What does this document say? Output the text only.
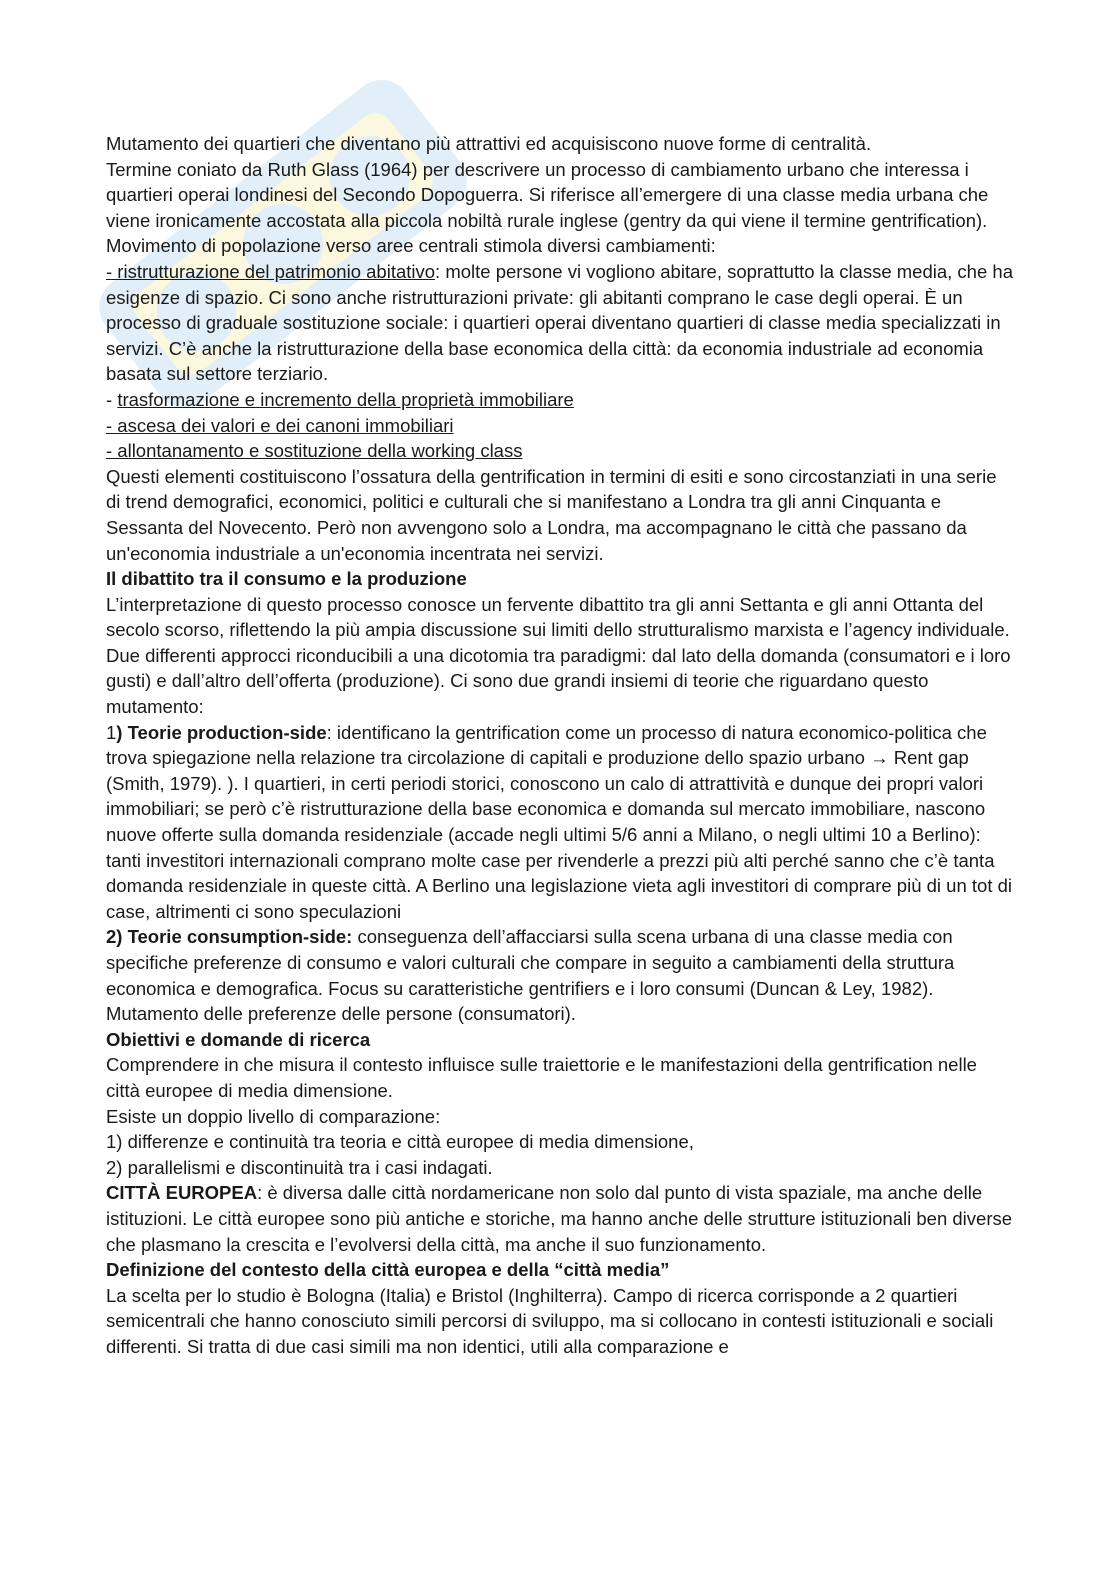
Mutamento dei quartieri che diventano più attrattivi ed acquisiscono nuove forme di centralità.

Termine coniato da Ruth Glass (1964) per descrivere un processo di cambiamento urbano che interessa i quartieri operai londinesi del Secondo Dopoguerra. Si riferisce all’emergere di una classe media urbana che viene ironicamente accostata alla piccola nobiltà rurale inglese (gentry da qui viene il termine gentrification).

Movimento di popolazione verso aree centrali stimola diversi cambiamenti:

- ristrutturazione del patrimonio abitativo: molte persone vi vogliono abitare, soprattutto la classe media, che ha esigenze di spazio. Ci sono anche ristrutturazioni private: gli abitanti comprano le case degli operai. È un processo di graduale sostituzione sociale: i quartieri operai diventano quartieri di classe media specializzati in servizi. C’è anche la ristrutturazione della base economica della città: da economia industriale ad economia basata sul settore terziario.

- trasformazione e incremento della proprietà immobiliare

- ascesa dei valori e dei canoni immobiliari

- allontanamento e sostituzione della working class

Questi elementi costituiscono l’ossatura della gentrification in termini di esiti e sono circostanziati in una serie di trend demografici, economici, politici e culturali che si manifestano a Londra tra gli anni Cinquanta e Sessanta del Novecento. Però non avvengono solo a Londra, ma accompagnano le città che passano da un'economia industriale a un'economia incentrata nei servizi.

Il dibattito tra il consumo e la produzione

L’interpretazione di questo processo conosce un fervente dibattito tra gli anni Settanta e gli anni Ottanta del secolo scorso, riflettendo la più ampia discussione sui limiti dello strutturalismo marxista e l’agency individuale. Due differenti approcci riconducibili a una dicotomia tra paradigmi: dal lato della domanda (consumatori e i loro gusti) e dall’altro dell’offerta (produzione). Ci sono due grandi insiemi di teorie che riguardano questo mutamento:

1) Teorie production-side: identificano la gentrification come un processo di natura economico-politica che trova spiegazione nella relazione tra circolazione di capitali e produzione dello spazio urbano → Rent gap (Smith, 1979). ). I quartieri, in certi periodi storici, conoscono un calo di attrattività e dunque dei propri valori immobiliari; se però c’è ristrutturazione della base economica e domanda sul mercato immobiliare, nascono nuove offerte sulla domanda residenziale (accade negli ultimi 5/6 anni a Milano, o negli ultimi 10 a Berlino): tanti investitori internazionali comprano molte case per rivenderle a prezzi più alti perché sanno che c’è tanta domanda residenziale in queste città. A Berlino una legislazione vieta agli investitori di comprare più di un tot di case, altrimenti ci sono speculazioni

2) Teorie consumption-side: conseguenza dell’affacciarsi sulla scena urbana di una classe media con specifiche preferenze di consumo e valori culturali che compare in seguito a cambiamenti della struttura economica e demografica. Focus su caratteristiche gentrifiers e i loro consumi (Duncan & Ley, 1982). Mutamento delle preferenze delle persone (consumatori).

Obiettivi e domande di ricerca

Comprendere in che misura il contesto influisce sulle traiettorie e le manifestazioni della gentrification nelle città europee di media dimensione.

Esiste un doppio livello di comparazione:

1) differenze e continuità tra teoria e città europee di media dimensione,

2) parallelismi e discontinuità tra i casi indagati.

CITTÀ EUROPEA: è diversa dalle città nordamericane non solo dal punto di vista spaziale, ma anche delle istituzioni. Le città europee sono più antiche e storiche, ma hanno anche delle strutture istituzionali ben diverse che plasmano la crescita e l’evolversi della città, ma anche il suo funzionamento.

Definizione del contesto della città europea e della “città media”

La scelta per lo studio è Bologna (Italia) e Bristol (Inghilterra). Campo di ricerca corrisponde a 2 quartieri semicentrali che hanno conosciuto simili percorsi di sviluppo, ma si collocano in contesti istituzionali e sociali differenti. Si tratta di due casi simili ma non identici, utili alla comparazione e
